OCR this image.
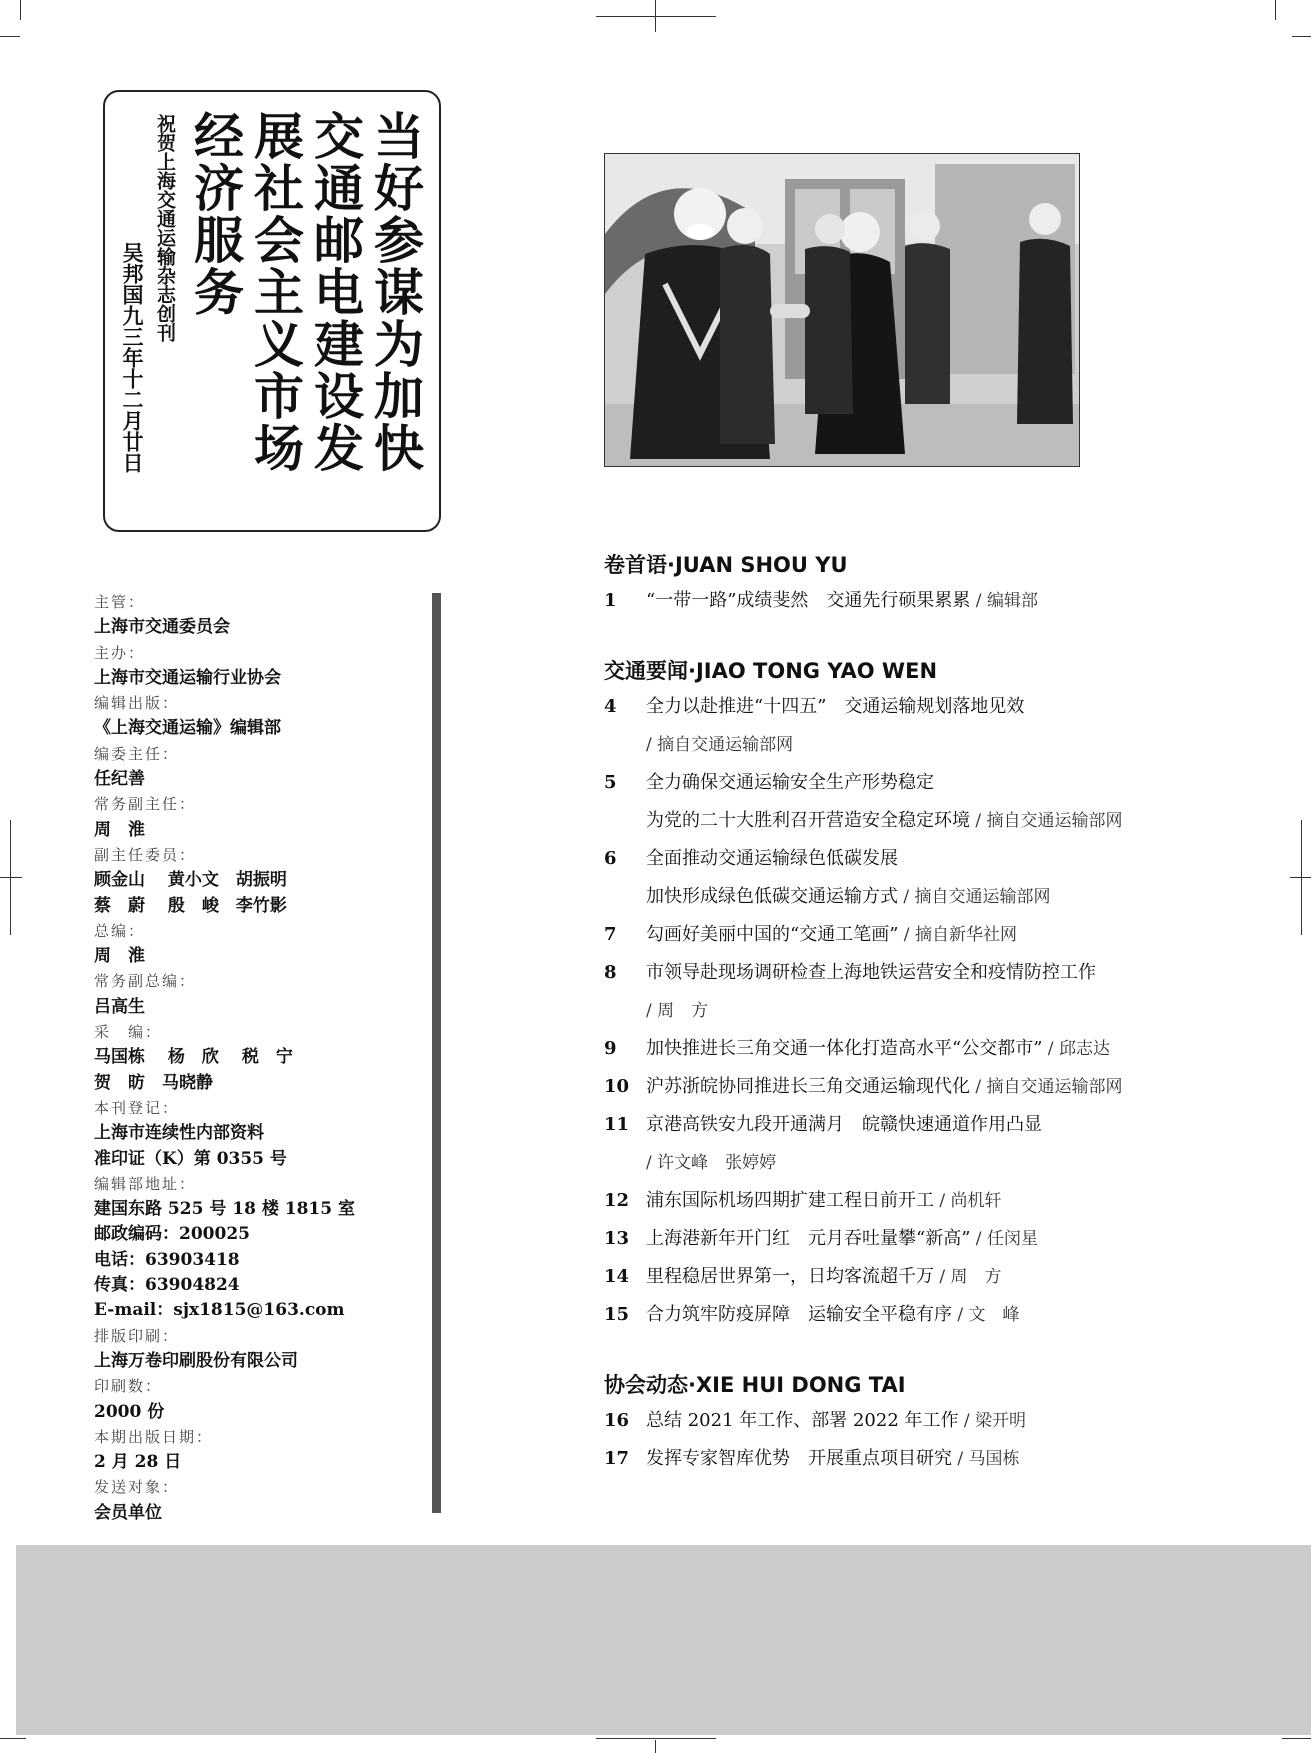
当好参谋为加快交通邮电建设发展社会主义市场经济服务
祝贺上海交通运输杂志创刊
吴邦国九三年十二月廿日
主管：
上海市交通委员会
主办：
上海市交通运输行业协会
编辑出版：
《上海交通运输》编辑部
编委主任：
任纪善
常务副主任：
周　淮
副主任委员：
顾金山　 黄小文　胡振明
蔡　蔚　 殷　峻　李竹影
总编：
周　淮
常务副总编：
吕高生
采　编：
马国栋　 杨　欣　 税　宁
贺　昉　马晓静
本刊登记：
上海市连续性内部资料
准印证（K）第 0355 号
编辑部地址：
建国东路 525 号 18 楼 1815 室
邮政编码：200025
电话：63903418
传真：63904824
E-mail：sjx1815@163.com
排版印刷：
上海万卷印刷股份有限公司
印刷数：
2000 份
本期出版日期：
2 月 28 日
发送对象：
会员单位
卷首语·JUAN SHOU YU
1	“一带一路”成绩斐然　交通先行硕果累累 / 编辑部
交通要闻·JIAO TONG YAO WEN
4	全力以赴推进“十四五”　交通运输规划落地见效
/ 摘自交通运输部网
5	全力确保交通运输安全生产形势稳定
为党的二十大胜利召开营造安全稳定环境 / 摘自交通运输部网
6	全面推动交通运输绿色低碳发展
加快形成绿色低碳交通运输方式 / 摘自交通运输部网
7	勾画好美丽中国的“交通工笔画” / 摘自新华社网
8	市领导赴现场调研检查上海地铁运营安全和疫情防控工作
/ 周　方
9	加快推进长三角交通一体化打造高水平“公交都市” / 邱志达
10 沪苏浙皖协同推进长三角交通运输现代化 / 摘自交通运输部网
11 京港高铁安九段开通满月　皖赣快速通道作用凸显
/ 许文峰　张婷婷
12 浦东国际机场四期扩建工程日前开工 / 尚机轩
13 上海港新年开门红　元月吞吐量攀“新高” / 任闵星
14 里程稳居世界第一，日均客流超千万 / 周　方
15 合力筑牢防疫屏障　运输安全平稳有序 / 文　峰
协会动态·XIE HUI DONG TAI
16 总结 2021 年工作、部署 2022 年工作 / 梁开明
17 发挥专家智库优势　开展重点项目研究 / 马国栋
